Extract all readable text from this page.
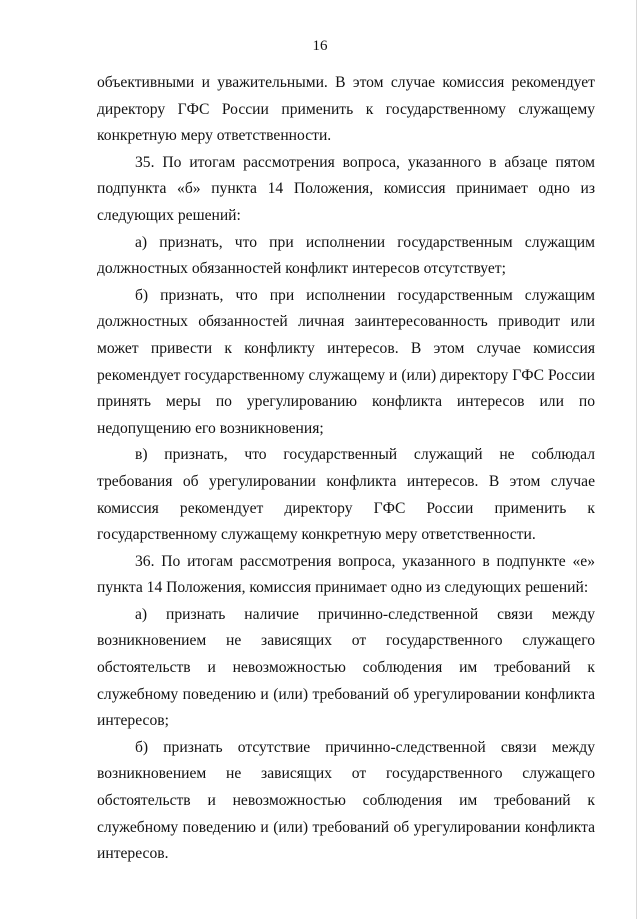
16

объективными и уважительными. В этом случае комиссия рекомендует директору ГФС России применить к государственному служащему конкретную меру ответственности.

35. По итогам рассмотрения вопроса, указанного в абзаце пятом подпункта «б» пункта 14 Положения, комиссия принимает одно из следующих решений:

а) признать, что при исполнении государственным служащим должностных обязанностей конфликт интересов отсутствует;

б) признать, что при исполнении государственным служащим должностных обязанностей личная заинтересованность приводит или может привести к конфликту интересов. В этом случае комиссия рекомендует государственному служащему и (или) директору ГФС России принять меры по урегулированию конфликта интересов или по недопущению его возникновения;

в) признать, что государственный служащий не соблюдал требования об урегулировании конфликта интересов. В этом случае комиссия рекомендует директору ГФС России применить к государственному служащему конкретную меру ответственности.

36. По итогам рассмотрения вопроса, указанного в подпункте «е» пункта 14 Положения, комиссия принимает одно из следующих решений:

а) признать наличие причинно-следственной связи между возникновением не зависящих от государственного служащего обстоятельств и невозможностью соблюдения им требований к служебному поведению и (или) требований об урегулировании конфликта интересов;

б) признать отсутствие причинно-следственной связи между возникновением не зависящих от государственного служащего обстоятельств и невозможностью соблюдения им требований к служебному поведению и (или) требований об урегулировании конфликта интересов.
